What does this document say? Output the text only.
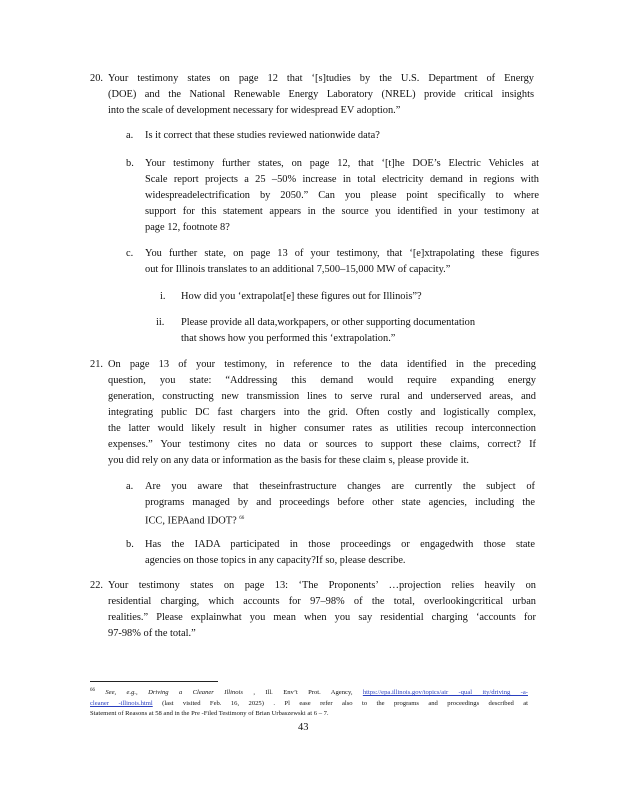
20. Your testimony states on page 12 that ‘[s]tudies by the U.S. Department of Energy
(DOE) and the National Renewable Energy Laboratory (NREL) provide critical insights
into the scale of development necessary for widespread EV adoption.”
a. Is it correct that these studies reviewed nationwide data?
b. Your testimony further states, on page 12, that ‘[t]he DOE’s Electric Vehicles at
Scale report projects a 25 –50% increase in total electricity demand in regions with
widespreadelectrification by 2050.” Can you please point specifically to where
support for this statement appears in the source you identified in your testimony at
page 12, footnote 8?
c. You further state, on page 13 of your testimony, that ‘[e]xtrapolating these figures
out for Illinois translates to an additional 7,500–15,000 MW of capacity.”
i. How did you ‘extrapolat[e] these figures out for Illinois”?
ii. Please provide all data,workpapers, or other supporting documentation
that shows how you performed this ‘extrapolation.”
21. On page 13 of your testimony, in reference to the data identified in the preceding
question, you state: “Addressing this demand would require expanding energy
generation, constructing new transmission lines to serve rural and underserved areas, and
integrating public DC fast chargers into the grid. Often costly and logistically complex,
the latter would likely result in higher consumer rates as utilities recoup interconnection
expenses.” Your testimony cites no data or sources to support these claims, correct? If
you did rely on any data or information as the basis for these claim s, please provide it.
a. Are you aware that theseinfrastructure changes are currently the subject of
programs managed by and proceedings before other state agencies, including the
ICC, IEPAand IDOT? $^{66}$
b. Has the IADA participated in those proceedings or engagedwith those state
agencies on those topics in any capacity?If so, please describe.
22. Your testimony states on page 13: ‘The Proponents’ …projection relies heavily on
residential charging, which accounts for 97–98% of the total, overlookingcritical urban
realities.” Please explainwhat you mean when you say residential charging ‘accounts for
97-98% of the total.”
$^{66}$ See, e.g., Driving a Cleaner Illinois , Ill. Env’t Prot. Agency, https://epa.illinois.gov/topics/air -qual ity/driving -a-
cleaner -illinois.html (last visited Feb. 16, 2025) . Pl ease refer also to the programs and proceedings described at
Statement of Reasons at 58 and in the Pre -Filed Testimony of Brian Urbaszewski at 6 – 7.
43
